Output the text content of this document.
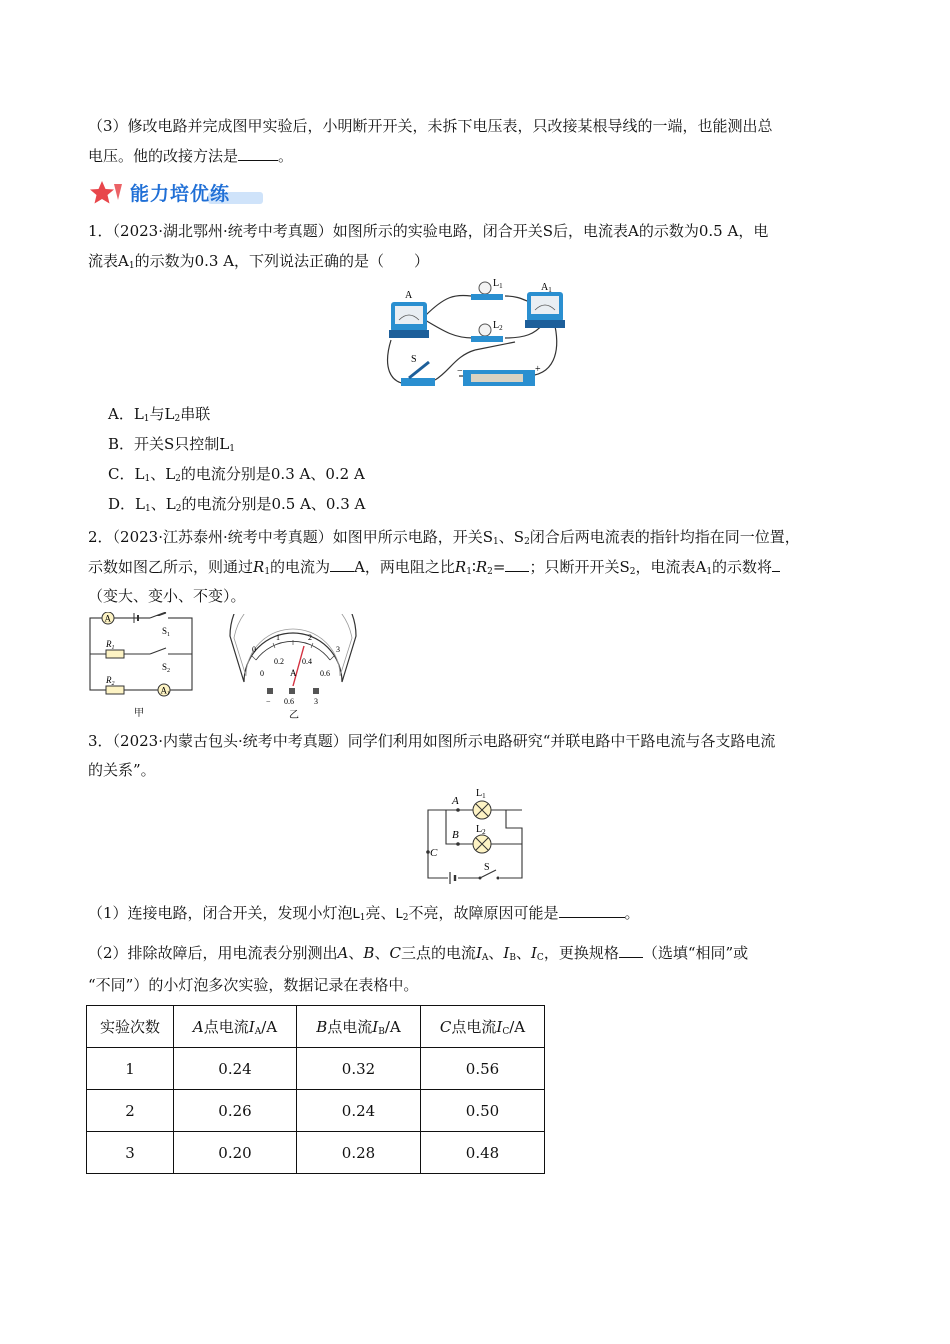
（3）修改电路并完成图甲实验后，小明断开开关，未拆下电压表，只改接某根导线的一端，也能测出总
电压。他的改接方法是	。
能力培优练
1．（2023·湖北鄂州·统考中考真题）如图所示的实验电路，闭合开关S后，电流表A的示数为0.5 A，电
流表$A_1$的示数为0.3 A，下列说法正确的是（　　）
A
$A_1$
$L_1$
$L_2$
S
−	+
A．$L_1$与$L_2$串联
B．开关S只控制$L_1$
C．$L_1$、$L_2$的电流分别是0.3 A、0.2 A
D．$L_1$、$L_2$的电流分别是0.5 A、0.3 A
2．（2023·江苏泰州·统考中考真题）如图甲所示电路，开关$S_1$、$S_2$闭合后两电流表的指针均指在同一位置，
示数如图乙所示，则通过$R_1$的电流为 A，两电阻之比$R_1∶R_2=$ ；只断开开关$S_2$，电流表$A_1$的示数将
（变大、变小、不变）。
A
$S_1$
$R_1$
$S_2$
$R_2$
A1
甲
0
1	2
3
0
0.2 0.4
0.6
A
− 0.6	3
乙
3．（2023·内蒙古包头·统考中考真题）同学们利用如图所示电路研究“并联电路中干路电流与各支路电流
的关系”。
A
B
C
$L_1$
$L_2$
S
（1）连接电路，闭合开关，发现小灯泡$L_1$亮、$L_2$不亮，故障原因可能是	。
（2）排除故障后，用电流表分别测出A、B、C三点的电流$I_A$、$I_B$、$I_C$，更换规格 （选填“相同”或
“不同”）的小灯泡多次实验，数据记录在表格中。
实验次数	A点电流$I_A/A$	B点电流$I_B/A$	C点电流$I_C/A$
1	0.24	0.32	0.56
2	0.26	0.24	0.50
3	0.20	0.28	0.48
